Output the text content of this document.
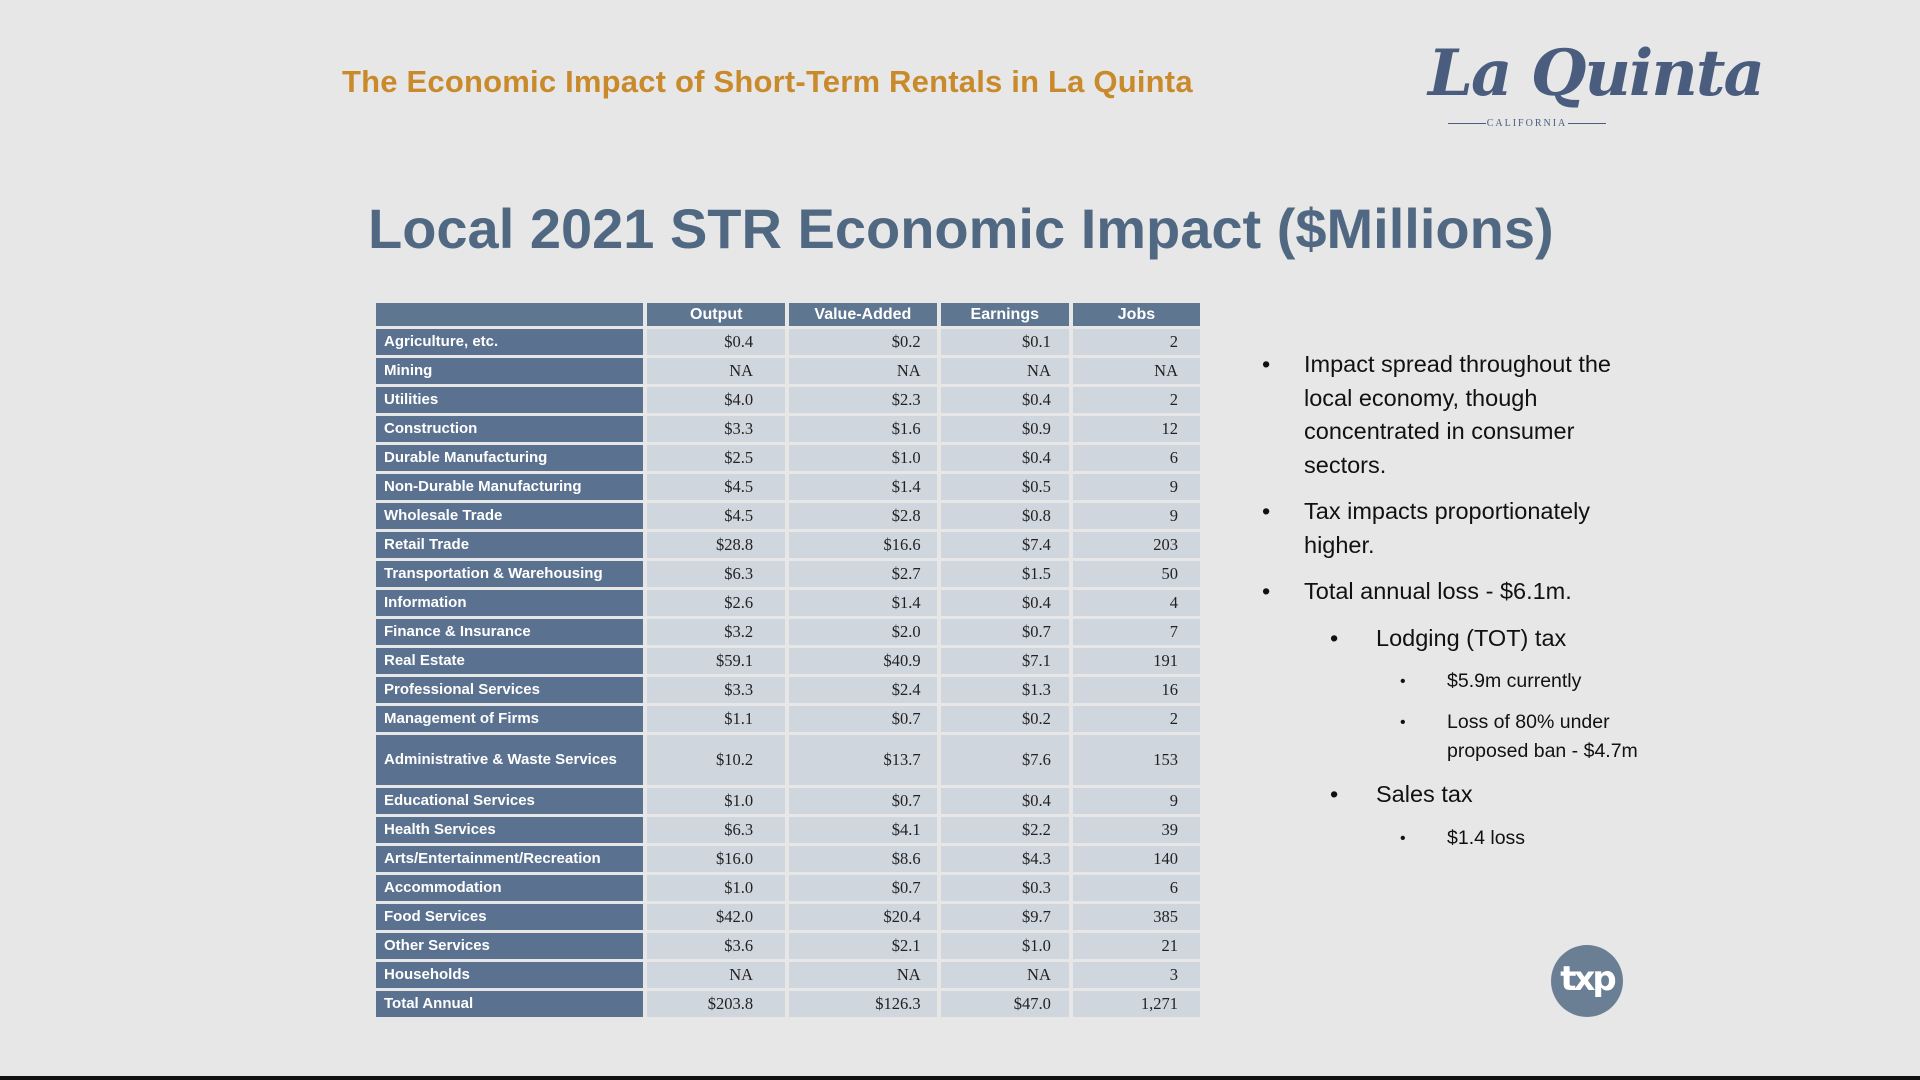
The Economic Impact of Short-Term Rentals in La Quinta	La Quinta
CALIFORNIA
Local 2021 STR Economic Impact ($Millions)
	Output	Value-Added	Earnings	Jobs
Agriculture, etc.	$0.4	$0.2	$0.1	2
Mining	NA	NA	NA	NA
Utilities	$4.0	$2.3	$0.4	2
Construction	$3.3	$1.6	$0.9	12
Durable Manufacturing	$2.5	$1.0	$0.4	6
Non-Durable Manufacturing	$4.5	$1.4	$0.5	9
Wholesale Trade	$4.5	$2.8	$0.8	9
Retail Trade	$28.8	$16.6	$7.4	203
Transportation & Warehousing	$6.3	$2.7	$1.5	50
Information	$2.6	$1.4	$0.4	4
Finance & Insurance	$3.2	$2.0	$0.7	7
Real Estate	$59.1	$40.9	$7.1	191
Professional Services	$3.3	$2.4	$1.3	16
Management of Firms	$1.1	$0.7	$0.2	2
Administrative & Waste Services	$10.2	$13.7	$7.6	153
Educational Services	$1.0	$0.7	$0.4	9
Health Services	$6.3	$4.1	$2.2	39
Arts/Entertainment/Recreation	$16.0	$8.6	$4.3	140
Accommodation	$1.0	$0.7	$0.3	6
Food Services	$42.0	$20.4	$9.7	385
Other Services	$3.6	$2.1	$1.0	21
Households	NA	NA	NA	3
Total Annual	$203.8	$126.3	$47.0	1,271
• Impact spread throughout the local economy, though concentrated in consumer sectors.
• Tax impacts proportionately higher.
• Total annual loss - $6.1m.
• Lodging (TOT) tax
• $5.9m currently
• Loss of 80% under proposed ban - $4.7m
• Sales tax
• $1.4 loss
txp
